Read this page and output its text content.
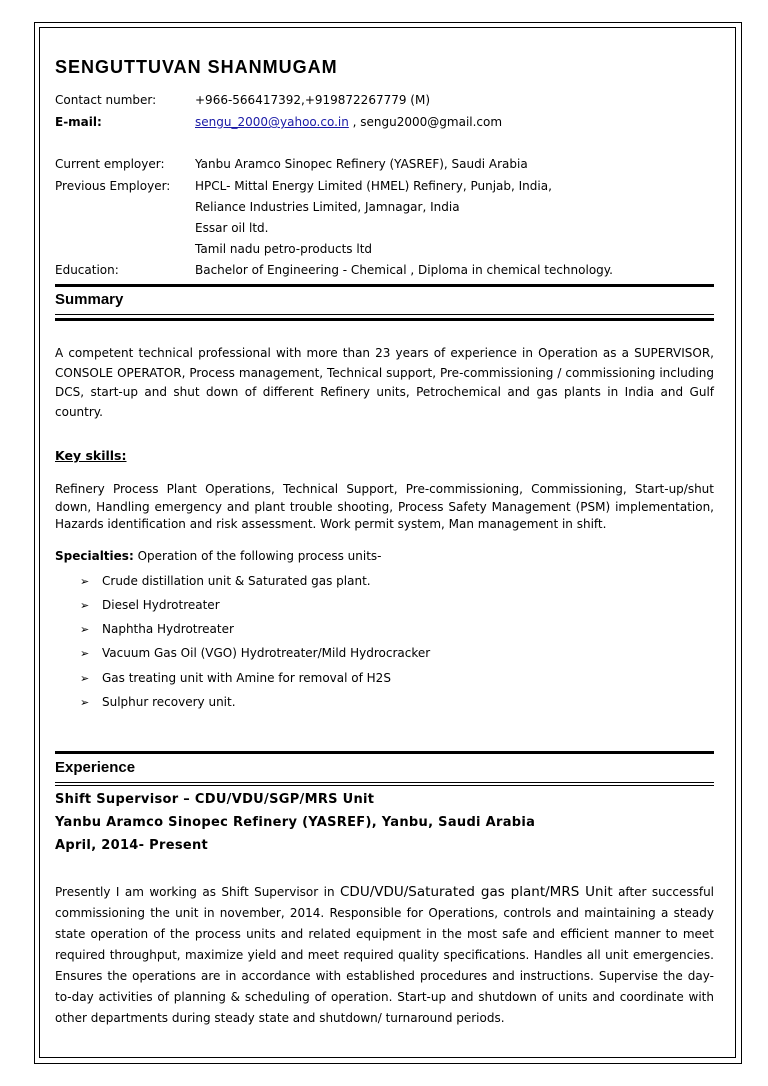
SENGUTTUVAN SHANMUGAM
Contact number:	+966-566417392,+919872267779 (M)
E-mail:	sengu_2000@yahoo.co.in , sengu2000@gmail.com
Current employer:	Yanbu Aramco Sinopec Refinery (YASREF), Saudi Arabia
Previous Employer: HPCL- Mittal Energy Limited (HMEL) Refinery, Punjab, India,
Reliance Industries Limited, Jamnagar, India
Essar oil ltd.
Tamil nadu petro-products ltd
Education:	Bachelor of Engineering - Chemical , Diploma in chemical technology.
Summary
A competent technical professional with more than 23 years of experience in Operation as a SUPERVISOR, CONSOLE OPERATOR, Process management, Technical support, Pre-commissioning / commissioning including DCS, start-up and shut down of different Refinery units, Petrochemical and gas plants in India and Gulf country.
Key skills:
Refinery Process Plant Operations, Technical Support, Pre-commissioning, Commissioning, Start-up/shut down, Handling emergency and plant trouble shooting, Process Safety Management (PSM) implementation, Hazards identification and risk assessment. Work permit system, Man management in shift.
Specialties: Operation of the following process units-
➢ Crude distillation unit & Saturated gas plant.
➢ Diesel Hydrotreater
➢ Naphtha Hydrotreater
➢ Vacuum Gas Oil (VGO) Hydrotreater/Mild Hydrocracker
➢ Gas treating unit with Amine for removal of H2S
➢ Sulphur recovery unit.
Experience
Shift Supervisor – CDU/VDU/SGP/MRS Unit
Yanbu Aramco Sinopec Refinery (YASREF), Yanbu, Saudi Arabia
April, 2014- Present
Presently I am working as Shift Supervisor in CDU/VDU/Saturated gas plant/MRS Unit after successful commissioning the unit in november, 2014. Responsible for Operations, controls and maintaining a steady state operation of the process units and related equipment in the most safe and efficient manner to meet required throughput, maximize yield and meet required quality specifications. Handles all unit emergencies. Ensures the operations are in accordance with established procedures and instructions. Supervise the day-to-day activities of planning & scheduling of operation. Start-up and shutdown of units and coordinate with other departments during steady state and shutdown/ turnaround periods.
